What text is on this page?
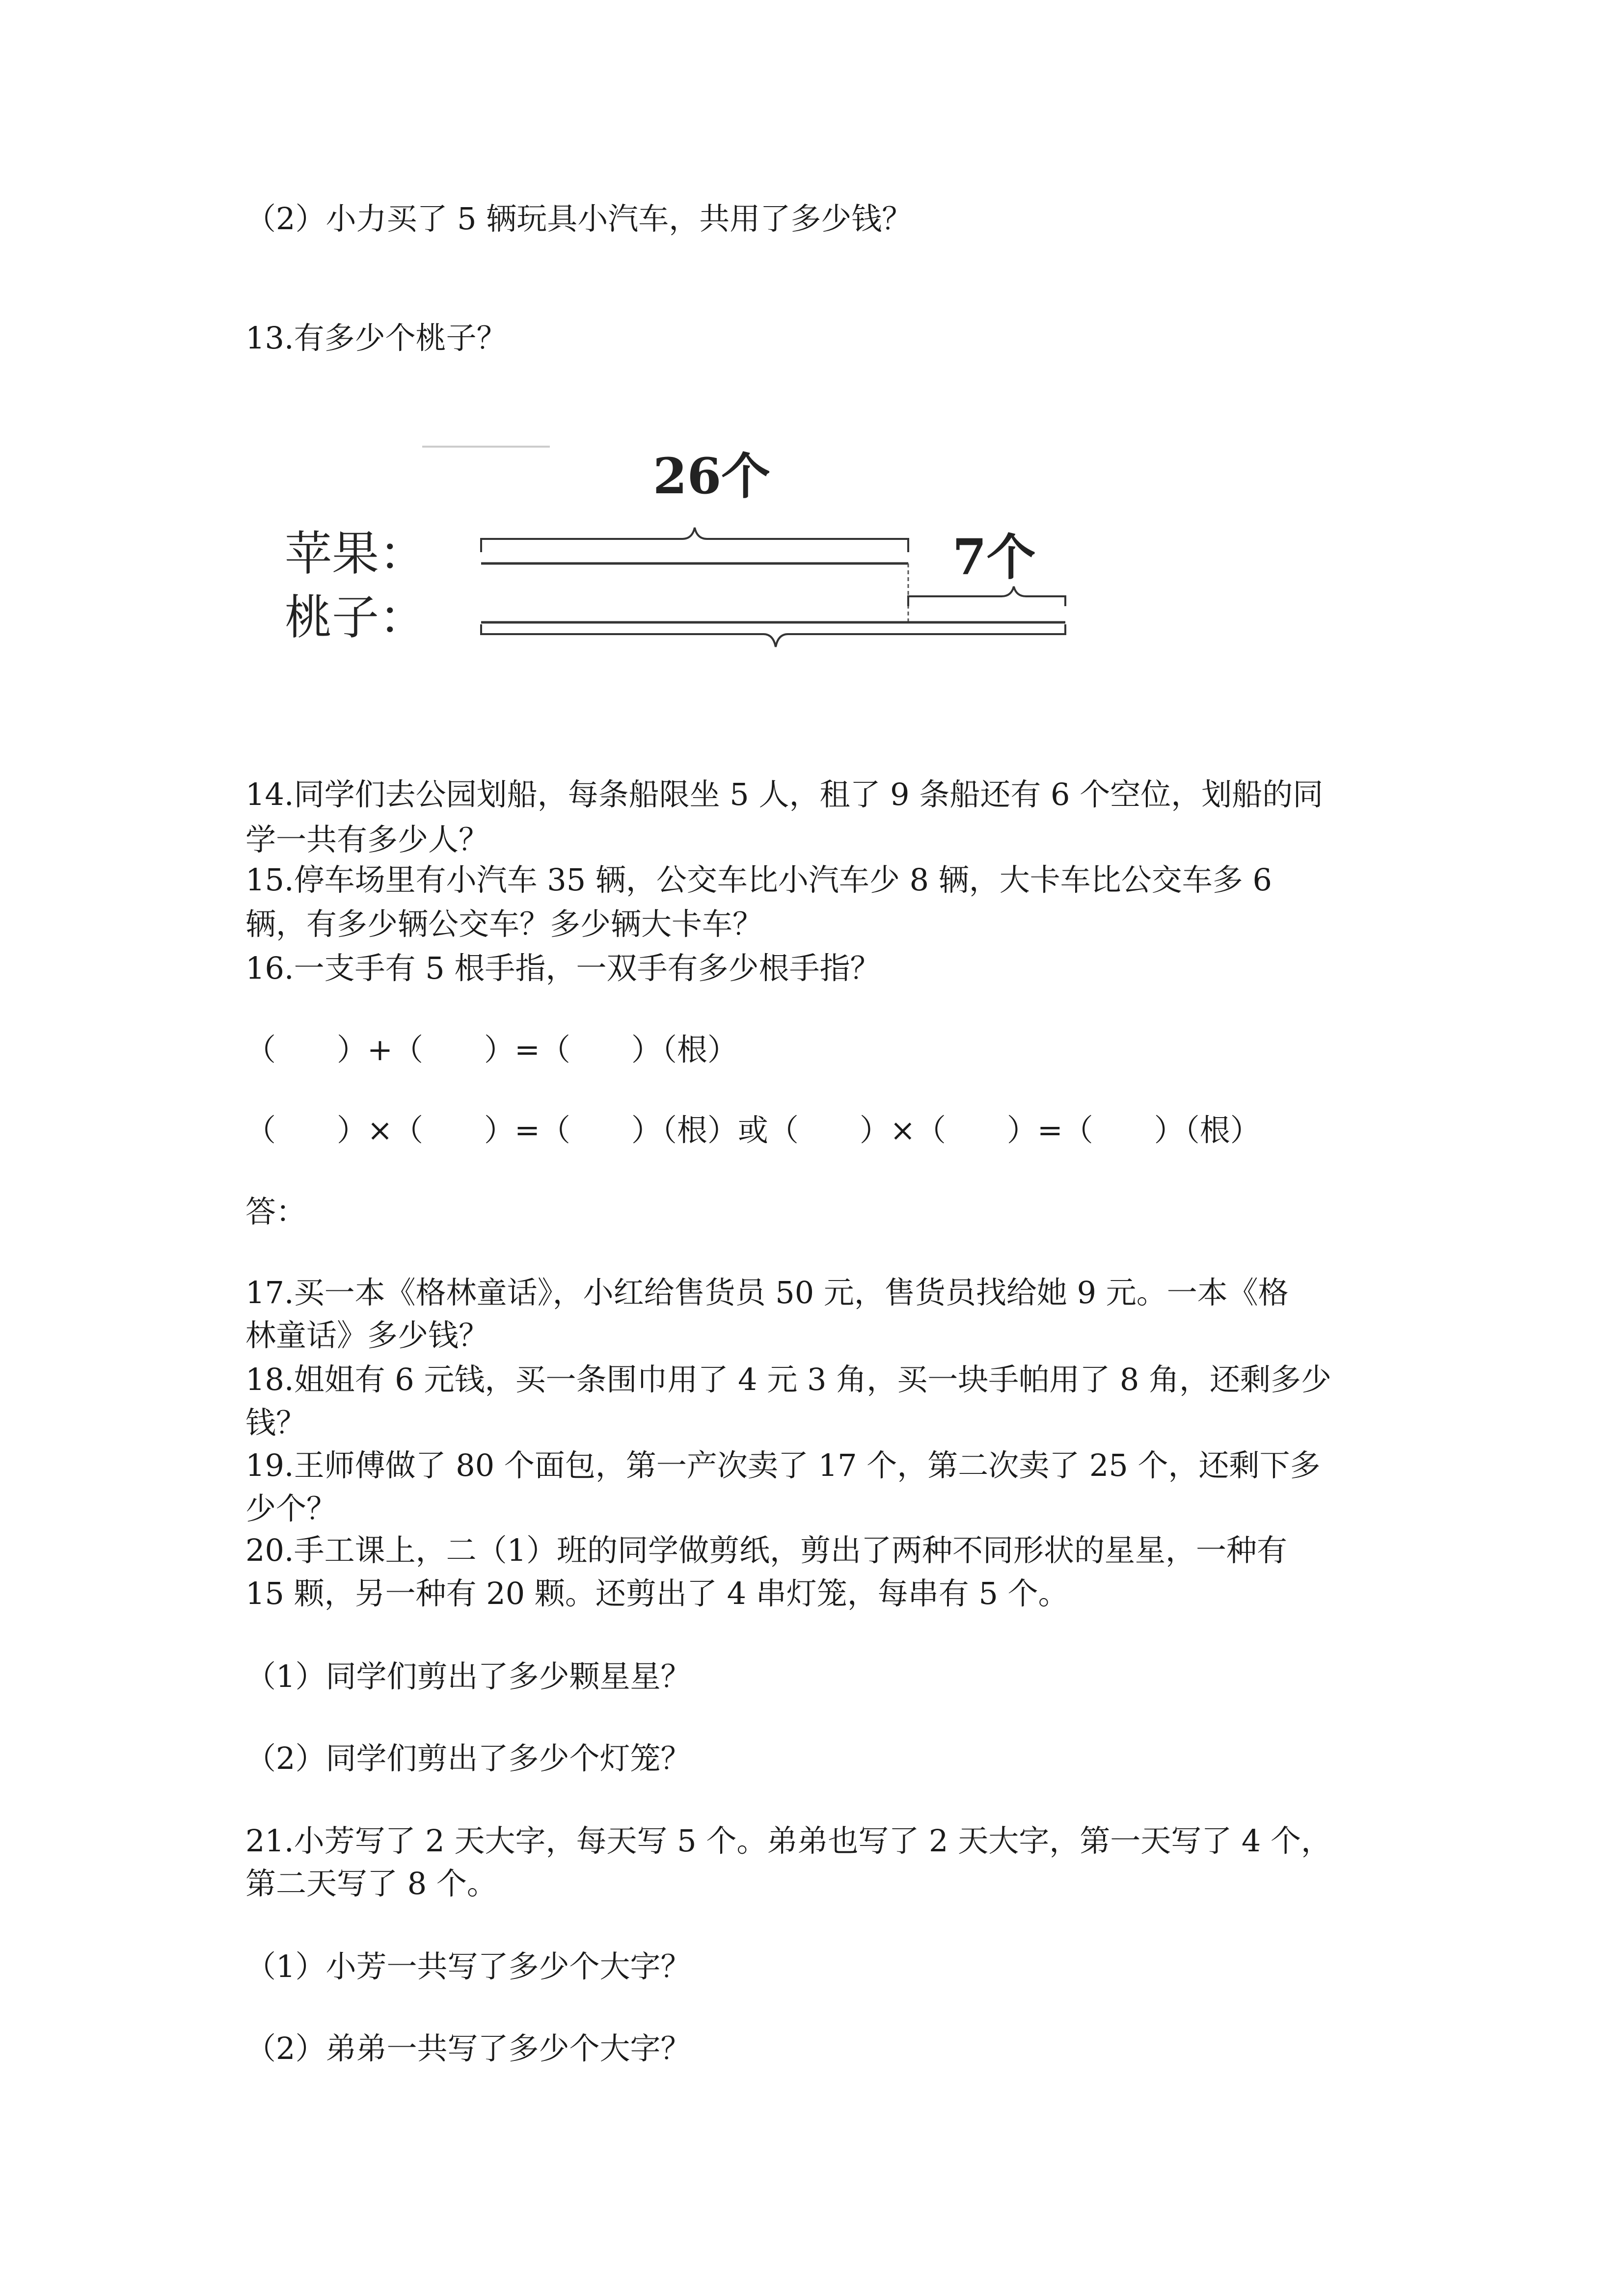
（2）小力买了 5 辆玩具小汽车，共用了多少钱？

13.有多少个桃子？

26个
苹果：	7个
桃子：

14.同学们去公园划船，每条船限坐 5 人，租了 9 条船还有 6 个空位，划船的同

学一共有多少人？

15.停车场里有小汽车 35 辆，公交车比小汽车少 8 辆，大卡车比公交车多 6

辆，有多少辆公交车？多少辆大卡车？

16.一支手有 5 根手指，一双手有多少根手指？

（　　）+（　　）=（　　）（根）

（　　）×（　　）=（　　）（根）或（　　）×（　　）=（　　）（根）

答：

17.买一本《格林童话》，小红给售货员 50 元，售货员找给她 9 元。一本《格

林童话》多少钱？

18.姐姐有 6 元钱，买一条围巾用了 4 元 3 角，买一块手帕用了 8 角，还剩多少

钱？

19.王师傅做了 80 个面包，第一产次卖了 17 个，第二次卖了 25 个，还剩下多

少个？

20.手工课上，二（1）班的同学做剪纸，剪出了两种不同形状的星星，一种有

15 颗，另一种有 20 颗。还剪出了 4 串灯笼，每串有 5 个。

（1）同学们剪出了多少颗星星？

（2）同学们剪出了多少个灯笼？

21.小芳写了 2 天大字，每天写 5 个。弟弟也写了 2 天大字，第一天写了 4 个，

第二天写了 8 个。

（1）小芳一共写了多少个大字？

（2）弟弟一共写了多少个大字？
